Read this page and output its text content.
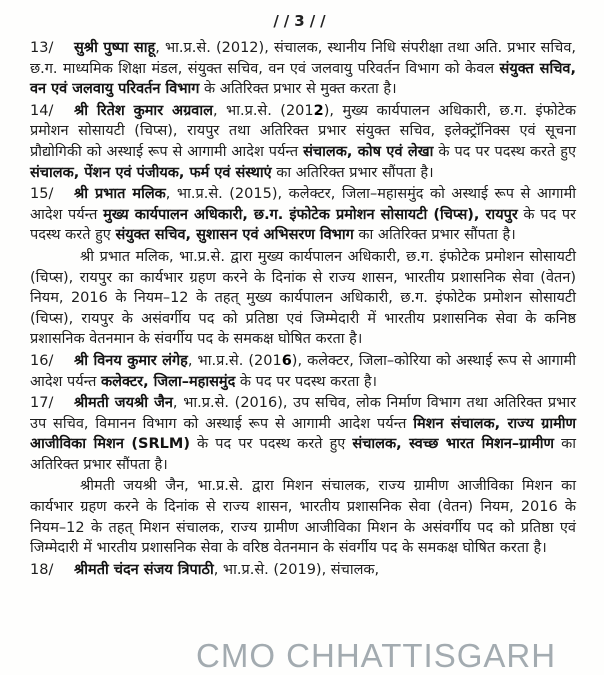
//3//
13/ सुश्री पुष्पा साहू, भा.प्र.से. (2012), संचालक, स्थानीय निधि संपरीक्षा तथा अति. प्रभार सचिव, छ.ग. माध्यमिक शिक्षा मंडल, संयुक्त सचिव, वन एवं जलवायु परिवर्तन विभाग को केवल संयुक्त सचिव, वन एवं जलवायु परिवर्तन विभाग के अतिरिक्त प्रभार से मुक्त करता है।
14/ श्री रितेश कुमार अग्रवाल, भा.प्र.से. (2012), मुख्य कार्यपालन अधिकारी, छ.ग. इंफोटेक प्रमोशन सोसायटी (चिप्स), रायपुर तथा अतिरिक्त प्रभार संयुक्त सचिव, इलेक्ट्रॉनिक्स एवं सूचना प्रौद्योगिकी को अस्थाई रूप से आगामी आदेश पर्यन्त संचालक, कोष एवं लेखा के पद पर पदस्थ करते हुए संचालक, पेंशन एवं पंजीयक, फर्म एवं संस्थाएं का अतिरिक्त प्रभार सौंपता है।
15/ श्री प्रभात मलिक, भा.प्र.से. (2015), कलेक्टर, जिला–महासमुंद को अस्थाई रूप से आगामी आदेश पर्यन्त मुख्य कार्यपालन अधिकारी, छ.ग. इंफोटेक प्रमोशन सोसायटी (चिप्स), रायपुर के पद पर पदस्थ करते हुए संयुक्त सचिव, सुशासन एवं अभिसरण विभाग का अतिरिक्त प्रभार सौंपता है।
श्री प्रभात मलिक, भा.प्र.से. द्वारा मुख्य कार्यपालन अधिकारी, छ.ग. इंफोटेक प्रमोशन सोसायटी (चिप्स), रायपुर का कार्यभार ग्रहण करने के दिनांक से राज्य शासन, भारतीय प्रशासनिक सेवा (वेतन) नियम, 2016 के नियम–12 के तहत् मुख्य कार्यपालन अधिकारी, छ.ग. इंफोटेक प्रमोशन सोसायटी (चिप्स), रायपुर के असंवर्गीय पद को प्रतिष्ठा एवं जिम्मेदारी में भारतीय प्रशासनिक सेवा के कनिष्ठ प्रशासनिक वेतनमान के संवर्गीय पद के समकक्ष घोषित करता है।
16/ श्री विनय कुमार लंगेह, भा.प्र.से. (2016), कलेक्टर, जिला–कोरिया को अस्थाई रूप से आगामी आदेश पर्यन्त कलेक्टर, जिला–महासमुंद के पद पर पदस्थ करता है।
17/ श्रीमती जयश्री जैन, भा.प्र.से. (2016), उप सचिव, लोक निर्माण विभाग तथा अतिरिक्त प्रभार उप सचिव, विमानन विभाग को अस्थाई रूप से आगामी आदेश पर्यन्त मिशन संचालक, राज्य ग्रामीण आजीविका मिशन (SRLM) के पद पर पदस्थ करते हुए संचालक, स्वच्छ भारत मिशन–ग्रामीण का अतिरिक्त प्रभार सौंपता है।
श्रीमती जयश्री जैन, भा.प्र.से. द्वारा मिशन संचालक, राज्य ग्रामीण आजीविका मिशन का कार्यभार ग्रहण करने के दिनांक से राज्य शासन, भारतीय प्रशासनिक सेवा (वेतन) नियम, 2016 के नियम–12 के तहत् मिशन संचालक, राज्य ग्रामीण आजीविका मिशन के असंवर्गीय पद को प्रतिष्ठा एवं जिम्मेदारी में भारतीय प्रशासनिक सेवा के वरिष्ठ वेतनमान के संवर्गीय पद के समकक्ष घोषित करता है।
18/ श्रीमती चंदन संजय त्रिपाठी, भा.प्र.से. (2019), संचालक,
CMO CHHATTISGARH
